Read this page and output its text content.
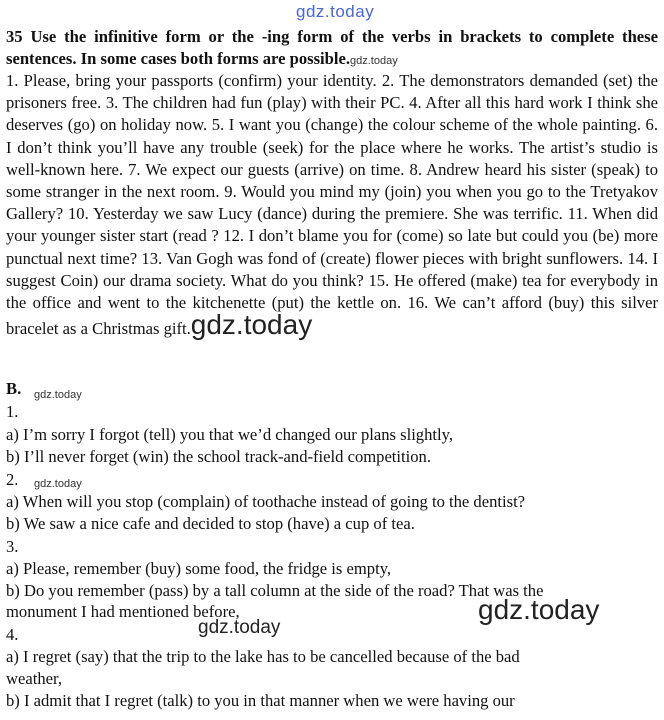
gdz.today
35 Use the infinitive form or the -ing form of the verbs in brackets to complete these sentences. In some cases both forms are possible.gdz.today
1. Please, bring your passports (confirm) your identity. 2. The demonstrators demanded (set) the prisoners free. 3. The children had fun (play) with their PC. 4. After all this hard work I think she deserves (go) on holiday now. 5. I want you (change) the colour scheme of the whole painting. 6. I don’t think you’ll have any trouble (seek) for the place where he works. The artist’s studio is well-known here. 7. We expect our guests (arrive) on time. 8. Andrew heard his sister (speak) to some stranger in the next room. 9. Would you mind my (join) you when you go to the Tretyakov Gallery? 10. Yesterday we saw Lucy (dance) during the premiere. She was terrific. 11. When did your younger sister start (read ? 12. I don’t blame you for (come) so late but could you (be) more punctual next time? 13. Van Gogh was fond of (create) flower pieces with bright sunflowers. 14. I suggest Coin) our drama society. What do you think? 15. He offered (make) tea for everybody in the office and went to the kitchenette (put) the kettle on. 16. We can’t afford (buy) this silver bracelet as a Christmas gift.gdz.today
B. gdz.today
1.
a) I’m sorry I forgot (tell) you that we’d changed our plans slightly,
b) I’ll never forget (win) the school track-and-field competition.
2. gdz.today
a) When will you stop (complain) of toothache instead of going to the dentist?
b) We saw a nice cafe and decided to stop (have) a cup of tea.
3.
a) Please, remember (buy) some food, the fridge is empty,
b) Do you remember (pass) by a tall column at the side of the road? That was the
monument I had mentioned before,	gdz.today
gdz.today
4.
a) I regret (say) that the trip to the lake has to be cancelled because of the bad
weather,
b) I admit that I regret (talk) to you in that manner when we were having our
